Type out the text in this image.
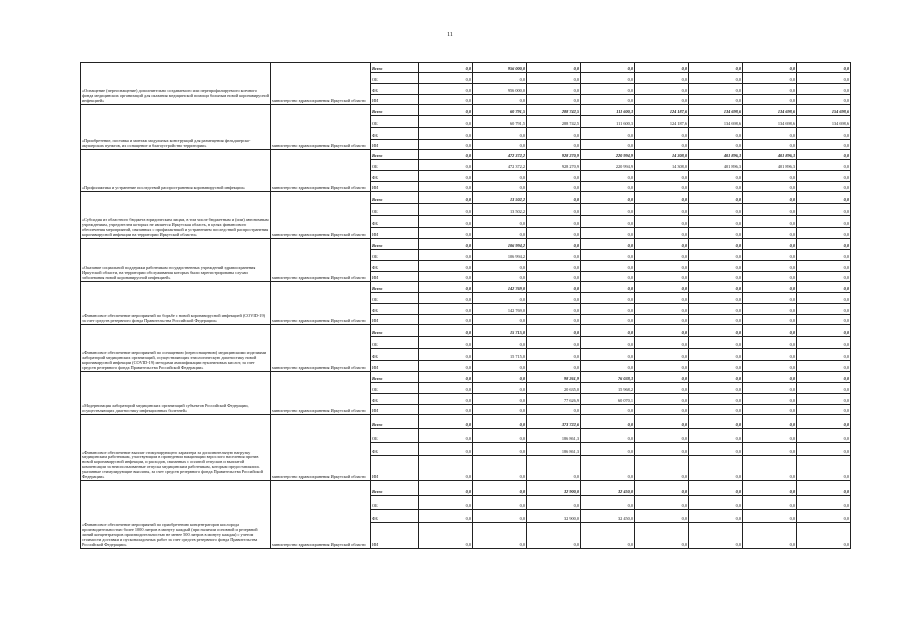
11
«Оснащение (переоснащение) дополнительно создаваемого или перепрофилируемого коечного фонда медицинских организаций для оказания медицинской помощи больным новой коронавирусной инфекцией»	министерство здравоохранения Иркутской области	Всего	0,0	956 000,0	0,0	0,0	0,0	0,0	0,0	0,0
		ОБ	0,0	0,0	0,0	0,0	0,0	0,0	0,0	0,0
		ФБ	0,0	956 000,0	0,0	0,0	0,0	0,0	0,0	0,0
		ИИ	0,0	0,0	0,0	0,0	0,0	0,0	0,0	0,0
«Приобретение, поставка и монтаж модульных конструкций для размещения фельдшерско-акушерских пунктов, их оснащение и благоустройство территории»	министерство здравоохранения Иркутской области	Всего	0,0	60 791,5	288 742,5	111 600,3	124 187,6	134 698,6	134 698,6	154 698,6
		ОБ	0,0	60 791,5	288 742,5	111 600,3	124 187,6	134 698,6	134 698,6	134 698,6
		ФБ	0,0	0,0	0,0	0,0	0,0	0,0	0,0	0,0
		ИИ	0,0	0,0	0,0	0,0	0,0	0,0	0,0	0,0
«Профилактика и устранение последствий распространения коронавирусной инфекции»	министерство здравоохранения Иркутской области	Всего	0,0	472 372,2	928 270,9	220 994,9	14 308,0	401 896,3	401 896,3	0,0
		ОБ	0,0	472 372,2	928 270,9	220 994,9	14 308,0	401 896,3	401 896,3	0,0
		ФБ	0,0	0,0	0,0	0,0	0,0	0,0	0,0	0,0
		ИИ	0,0	0,0	0,0	0,0	0,0	0,0	0,0	0,0
«Субсидия из областного бюджета юридическим лицам, в том числе бюджетным и (или) автономным учреждениям, учредителем которых не является Иркутская область, в целях финансового обеспечения мероприятий, связанных с профилактикой и устранением последствий распространения коронавирусной инфекции на территории Иркутской области»	министерство здравоохранения Иркутской области	Всего	0,0	13 502,2	0,0	0,0	0,0	0,0	0,0	0,0
		ОБ	0,0	13 502,2	0,0	0,0	0,0	0,0	0,0	0,0
		ФБ	0,0	0,0	0,0	0,0	0,0	0,0	0,0	0,0
		ИИ	0,0	0,0	0,0	0,0	0,0	0,0	0,0	0,0
«Оказание социальной поддержки работникам государственных учреждений здравоохранения Иркутской области, на территории обслуживания которых были зарегистрированы случаи заболевания новой коронавирусной инфекцией»	министерство здравоохранения Иркутской области	Всего	0,0	106 994,2	0,0	0,0	0,0	0,0	0,0	0,0
		ОБ	0,0	106 994,2	0,0	0,0	0,0	0,0	0,0	0,0
		ФБ	0,0	0,0	0,0	0,0	0,0	0,0	0,0	0,0
		ИИ	0,0	0,0	0,0	0,0	0,0	0,0	0,0	0,0
«Финансовое обеспечение мероприятий по борьбе с новой коронавирусной инфекцией (COVID-19) за счет средств резервного фонда Правительства Российской Федерации»	министерство здравоохранения Иркутской области	Всего	0,0	142 769,0	0,0	0,0	0,0	0,0	0,0	0,0
		ОБ	0,0	0,0	0,0	0,0	0,0	0,0	0,0	0,0
		ФБ	0,0	142 769,0	0,0	0,0	0,0	0,0	0,0	0,0
		ИИ	0,0	0,0	0,0	0,0	0,0	0,0	0,0	0,0
«Финансовое обеспечение мероприятий по оснащению (переоснащению) медицинскими изделиями лабораторий медицинских организаций, осуществляющих этиологическую диагностику новой коронавирусной инфекции (COVID-19) методами амплификации нуклеиновых кислот, за счет средств резервного фонда Правительства Российской Федерации»	министерство здравоохранения Иркутской области	Всего	0,0	15 715,0	0,0	0,0	0,0	0,0	0,0	0,0
		ОБ	0,0	0,0	0,0	0,0	0,0	0,0	0,0	0,0
		ФБ	0,0	15 715,0	0,0	0,0	0,0	0,0	0,0	0,0
		ИИ	0,0	0,0	0,0	0,0	0,0	0,0	0,0	0,0
«Модернизация лабораторий медицинских организаций субъектов Российской Федерации, осуществляющих диагностику инфекционных болезней»	министерство здравоохранения Иркутской области	Всего	0,0	0,0	98 261,9	76 038,3	0,0	0,0	0,0	0,0
		ОБ	0,0	0,0	20 635,0	15 968,2	0,0	0,0	0,0	0,0
		ФБ	0,0	0,0	77 626,9	60 070,1	0,0	0,0	0,0	0,0
		ИИ	0,0	0,0	0,0	0,0	0,0	0,0	0,0	0,0
«Финансовое обеспечение выплат стимулирующего характера за дополнительную нагрузку медицинским работникам, участвующим в проведении вакцинации взрослого населения против новой коронавирусной инфекции, и расходов, связанных с оплатой отпусков и выплатой компенсации за неиспользованные отпуска медицинским работникам, которым предоставлялись указанные стимулирующие выплаты, за счет средств резервного фонда Правительства Российской Федерации»	министерство здравоохранения Иркутской области	Всего	0,0	0,0	373 722,6	0,0	0,0	0,0	0,0	0,0
		ОБ	0,0	0,0	186 861,3	0,0	0,0	0,0	0,0	0,0
		ФБ	0,0	0,0	186 861,3	0,0	0,0	0,0	0,0	0,0
		ИИ	0,0	0,0	0,0	0,0	0,0	0,0	0,0	0,0
«Финансовое обеспечение мероприятий по приобретению концентраторов кислорода производительностью более 1000 литров в минуту каждый (при наличии основной и резервной линий концентраторов производительностью не менее 500 литров в минуту каждая) с учетом стоимости доставки и пусконаладочных работ за счет средств резервного фонда Правительства Российской Федерации»	министерство здравоохранения Иркутской области	Всего	0,0	0,0	32 900,0	32 450,0	0,0	0,0	0,0	0,0
		ОБ	0,0	0,0	0,0	0,0	0,0	0,0	0,0	0,0
		ФБ	0,0	0,0	32 900,0	32 450,0	0,0	0,0	0,0	0,0
		ИИ	0,0	0,0	0,0	0,0	0,0	0,0	0,0	0,0
